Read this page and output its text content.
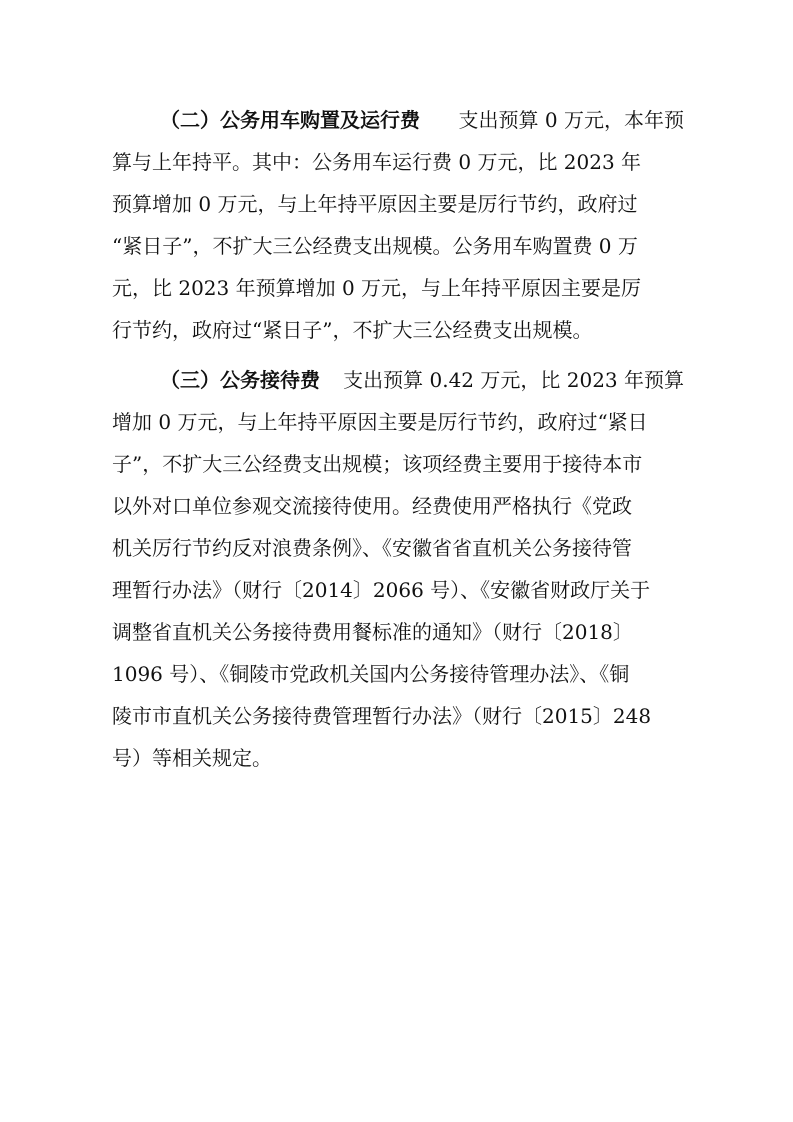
（二）公务用车购置及运行费	支出预算 0 万元，本年预
算与上年持平。其中：公务用车运行费 0 万元，比 2023 年
预算增加 0 万元，与上年持平原因主要是厉行节约，政府过
“紧日子”，不扩大三公经费支出规模。公务用车购置费 0 万
元，比 2023 年预算增加 0 万元，与上年持平原因主要是厉
行节约，政府过“紧日子”，不扩大三公经费支出规模。
（三）公务接待费	支出预算 0.42 万元，比 2023 年预算
增加 0 万元，与上年持平原因主要是厉行节约，政府过“紧日
子”，不扩大三公经费支出规模；该项经费主要用于接待本市
以外对口单位参观交流接待使用。经费使用严格执行《党政
机关厉行节约反对浪费条例》、《安徽省省直机关公务接待管
理暂行办法》（财行〔2014〕2066 号）、《安徽省财政厅关于
调整省直机关公务接待费用餐标准的通知》（财行〔2018〕
1096 号）、《铜陵市党政机关国内公务接待管理办法》、《铜
陵市市直机关公务接待费管理暂行办法》（财行〔2015〕248
号）等相关规定。
